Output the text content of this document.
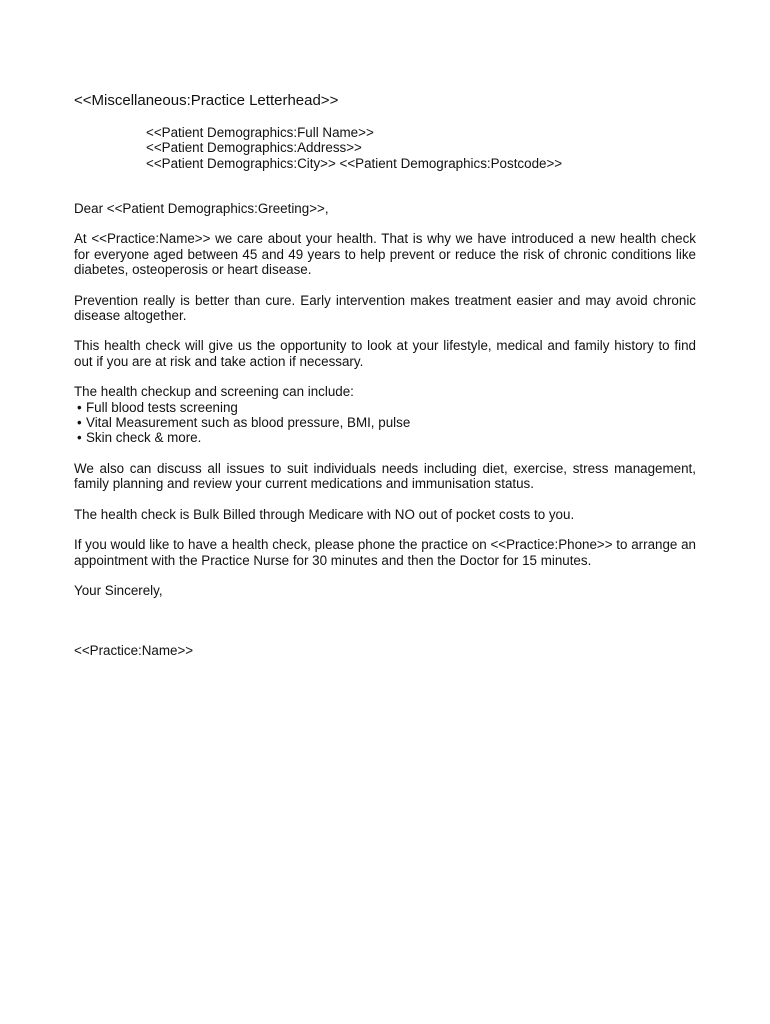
<<Miscellaneous:Practice Letterhead>>
<<Patient Demographics:Full Name>>
<<Patient Demographics:Address>>
<<Patient Demographics:City>> <<Patient Demographics:Postcode>>

Dear <<Patient Demographics:Greeting>>,

At <<Practice:Name>> we care about your health. That is why we have introduced a new health check for everyone aged between 45 and 49 years to help prevent or reduce the risk of chronic conditions like diabetes, osteoperosis or heart disease.

Prevention really is better than cure. Early intervention makes treatment easier and may avoid chronic disease altogether.

This health check will give us the opportunity to look at your lifestyle, medical and family history to find out if you are at risk and take action if necessary.

The health checkup and screening can include:
• Full blood tests screening
• Vital Measurement such as blood pressure, BMI, pulse
• Skin check & more.

We also can discuss all issues to suit individuals needs including diet, exercise, stress management, family planning and review your current medications and immunisation status.

The health check is Bulk Billed through Medicare with NO out of pocket costs to you.

If you would like to have a health check, please phone the practice on <<Practice:Phone>> to arrange an appointment with the Practice Nurse for 30 minutes and then the Doctor for 15 minutes.

Your Sincerely,

<<Practice:Name>>
